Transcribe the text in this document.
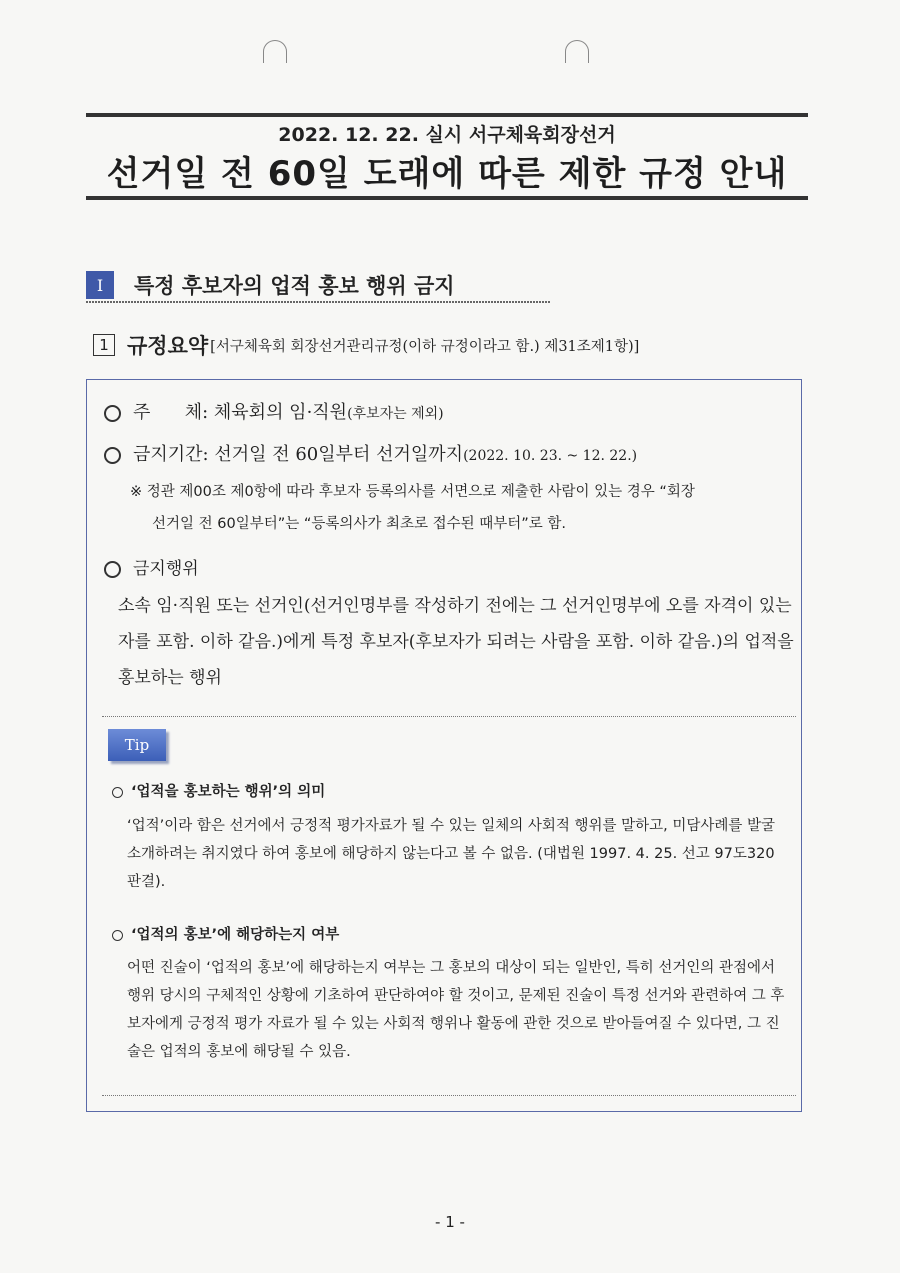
2022. 12. 22. 실시 서구체육회장선거
선거일 전 60일 도래에 따른 제한 규정 안내
I	특정 후보자의 업적 홍보 행위 금지
1 규정요약 [서구체육회 회장선거관리규정(이하 규정이라고 함.) 제31조제1항)]
주      체: 체육회의 임·직원(후보자는 제외)
금지기간: 선거일 전 60일부터 선거일까지(2022. 10. 23. ~ 12. 22.)
※ 정관 제00조 제0항에 따라 후보자 등록의사를 서면으로 제출한 사람이 있는 경우 “회장
선거일 전 60일부터”는 “등록의사가 최초로 접수된 때부터”로 함.
금지행위
소속 임·직원 또는 선거인(선거인명부를 작성하기 전에는 그 선거인명부에 오를 자격이 있는 자를 포함. 이하 같음.)에게 특정 후보자(후보자가 되려는 사람을 포함. 이하 같음.)의 업적을 홍보하는 행위
Tip
‘업적을 홍보하는 행위’의 의미
‘업적’이라 함은 선거에서 긍정적 평가자료가 될 수 있는 일체의 사회적 행위를 말하고, 미담사례를 발굴 소개하려는 취지였다 하여 홍보에 해당하지 않는다고 볼 수 없음. (대법원 1997. 4. 25. 선고 97도320 판결).
‘업적의 홍보’에 해당하는지 여부
어떤 진술이 ‘업적의 홍보’에 해당하는지 여부는 그 홍보의 대상이 되는 일반인, 특히 선거인의 관점에서 행위 당시의 구체적인 상황에 기초하여 판단하여야 할 것이고, 문제된 진술이 특정 선거와 관련하여 그 후보자에게 긍정적 평가 자료가 될 수 있는 사회적 행위나 활동에 관한 것으로 받아들여질 수 있다면, 그 진술은 업적의 홍보에 해당될 수 있음.
- 1 -
